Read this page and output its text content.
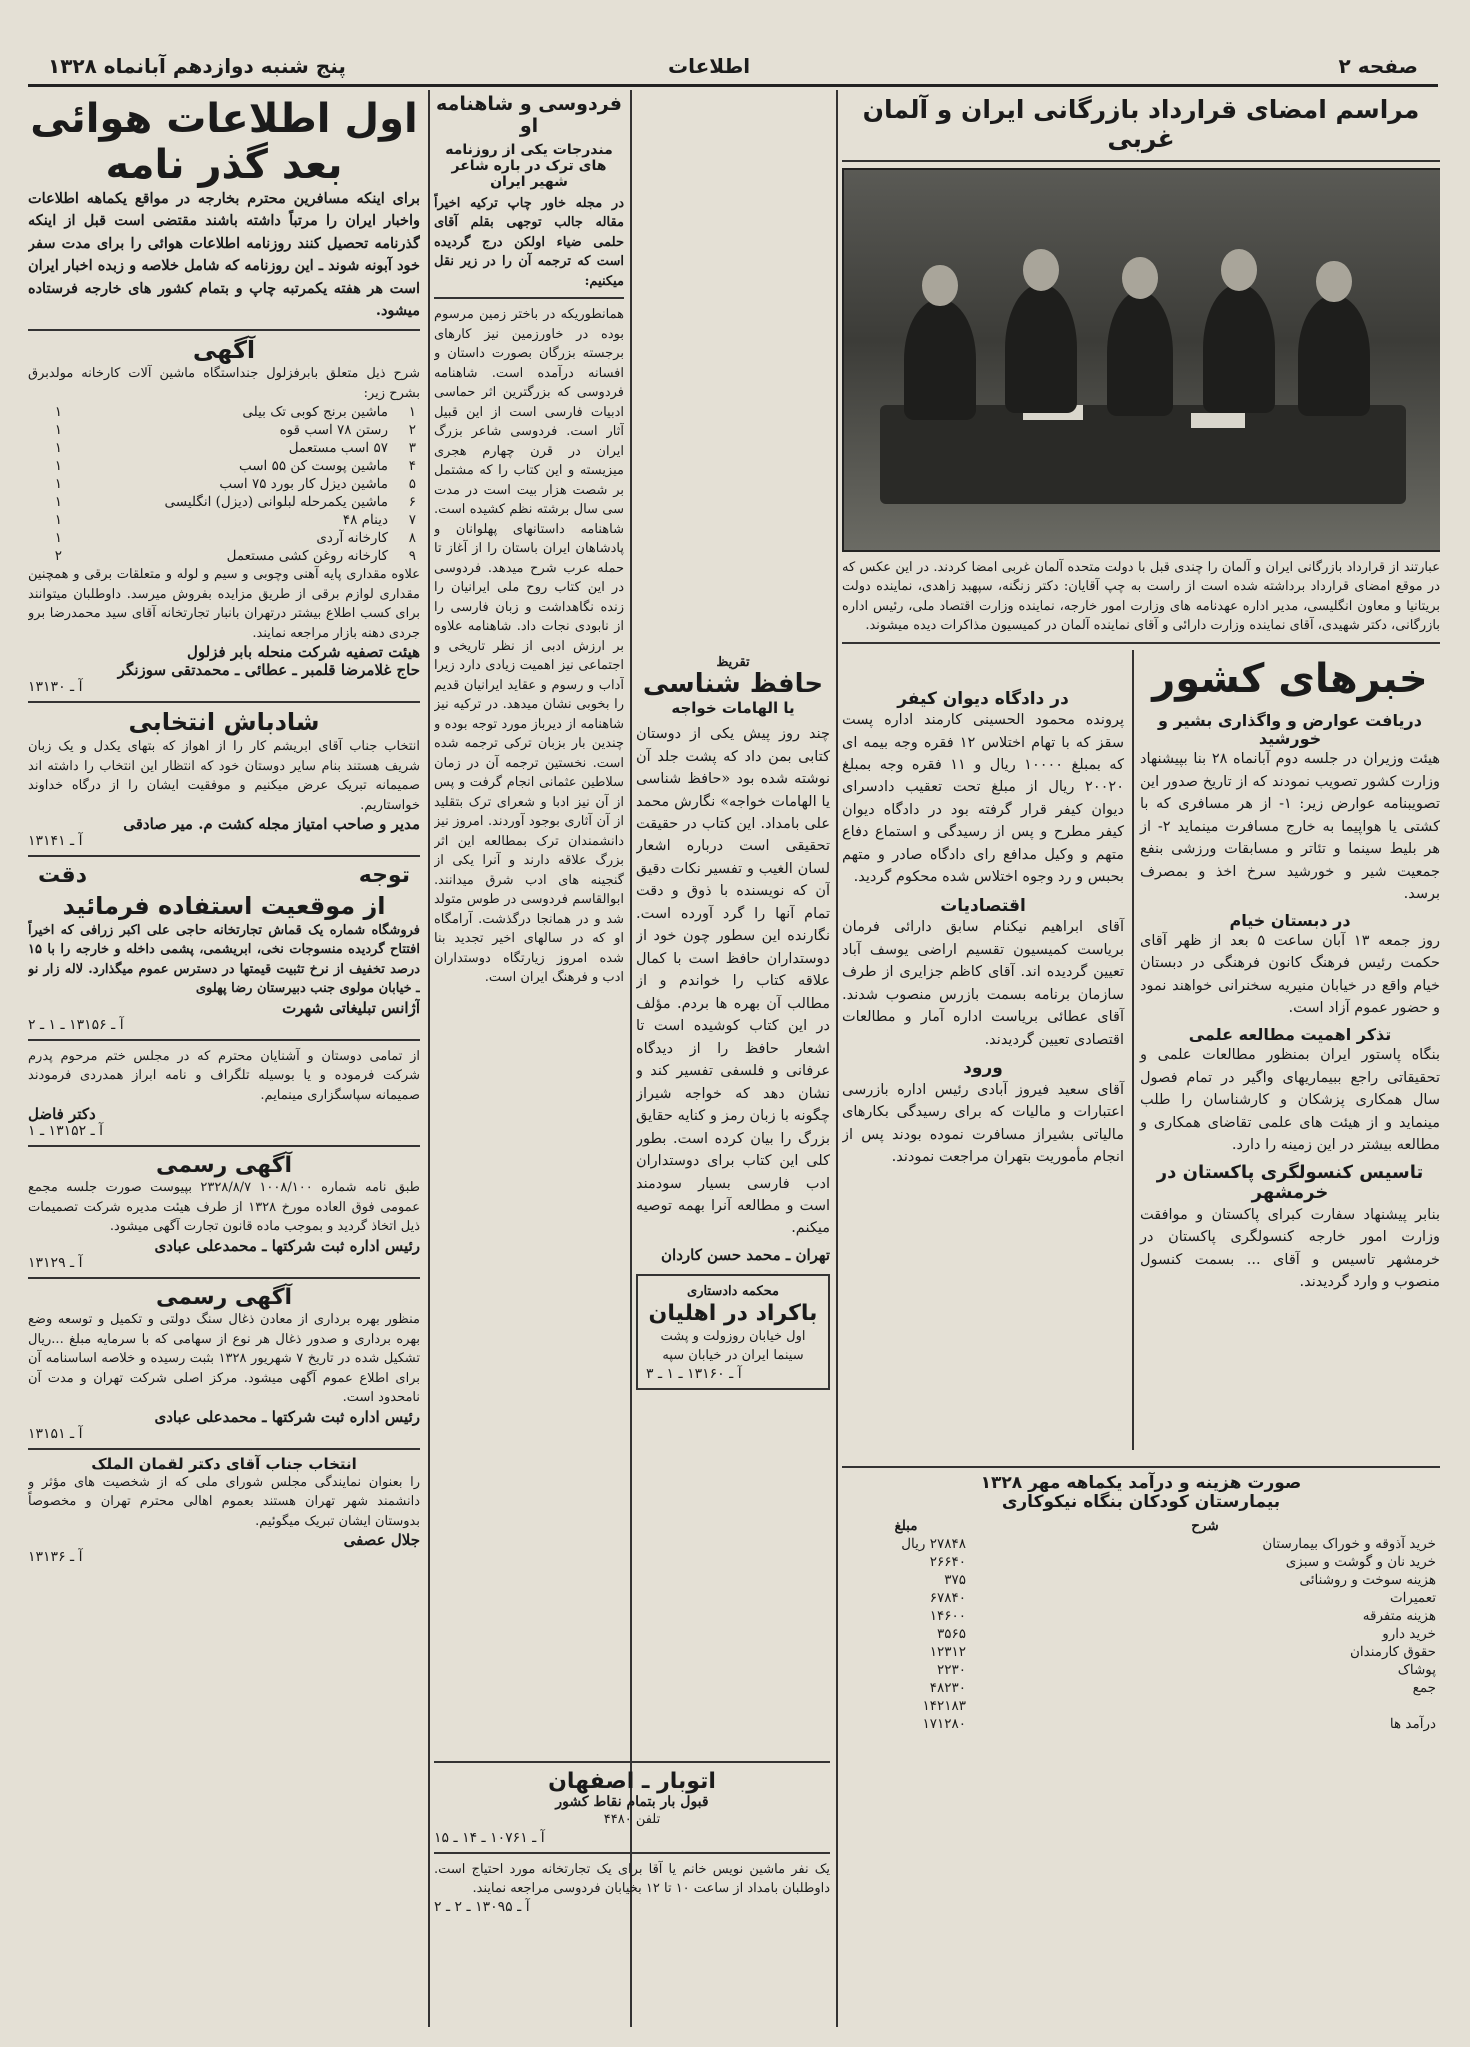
صفحه ۲
اطلاعات
پنج شنبه دوازدهم آبانماه ۱۳۲۸
مراسم امضای قرارداد بازرگانی ایران و آلمان غربی
عبارتند از قرارداد بازرگانی ایران و آلمان را چندی قبل با دولت متحده آلمان غربی امضا کردند. در این عکس که در موقع امضای قرارداد برداشته شده است از راست به چپ آقایان: دکتر زنگنه، سپهبد زاهدی، نماینده دولت بریتانیا و معاون انگلیسی، مدیر اداره عهدنامه های وزارت امور خارجه، نماینده وزارت اقتصاد ملی، رئیس اداره بازرگانی، دکتر شهیدی، آقای نماینده وزارت دارائی و آقای نماینده آلمان در کمیسیون مذاکرات دیده میشوند.
خبرهای کشور
دریافت عوارض و واگذاری بشیر و خورشید
هیئت وزیران در جلسه دوم آبانماه ۲۸ بنا بپیشنهاد وزارت کشور تصویب نمودند که از تاریخ صدور این تصویبنامه عوارض زیر: ۱- از هر مسافری که با کشتی یا هواپیما به خارج مسافرت مینماید ۲- از هر بلیط سینما و تئاتر و مسابقات ورزشی بنفع جمعیت شیر و خورشید سرخ اخذ و بمصرف برسد.
در دبستان خیام
روز جمعه ۱۳ آبان ساعت ۵ بعد از ظهر آقای حکمت رئیس فرهنگ کانون فرهنگی در دبستان خیام واقع در خیابان منیریه سخنرانی خواهند نمود و حضور عموم آزاد است.
تذکر اهمیت مطالعه علمی
بنگاه پاستور ایران بمنظور مطالعات علمی و تحقیقاتی راجع ببیماریهای واگیر در تمام فصول سال همکاری پزشکان و کارشناسان را طلب مینماید و از هیئت های علمی تقاضای همکاری و مطالعه بیشتر در این زمینه را دارد.
تاسیس کنسولگری پاکستان در خرمشهر
بنابر پیشنهاد سفارت کبرای پاکستان و موافقت وزارت امور خارجه کنسولگری پاکستان در خرمشهر تاسیس و آقای ... بسمت کنسول منصوب و وارد گردیدند.
در دادگاه دیوان کیفر
پرونده محمود الحسینی کارمند اداره پست سقز که با تهام اختلاس ۱۲ فقره وجه بیمه ای که بمبلغ ۱۰۰۰۰ ریال و ۱۱ فقره وجه بمبلغ ۲۰۰۲۰ ریال از مبلغ تحت تعقیب دادسرای دیوان کیفر قرار گرفته بود در دادگاه دیوان کیفر مطرح و پس از رسیدگی و استماع دفاع متهم و وکیل مدافع رای دادگاه صادر و متهم بحبس و رد وجوه اختلاس شده محکوم گردید.
اقتصادیات
آقای ابراهیم نیکنام سابق دارائی فرمان بریاست کمیسیون تقسیم اراضی یوسف آباد تعیین گردیده اند. آقای کاظم جزایری از طرف سازمان برنامه بسمت بازرس منصوب شدند. آقای عطائی بریاست اداره آمار و مطالعات اقتصادی تعیین گردیدند.
ورود
آقای سعید فیروز آبادی رئیس اداره بازرسی اعتبارات و مالیات که برای رسیدگی بکارهای مالیاتی بشیراز مسافرت نموده بودند پس از انجام مأموریت بتهران مراجعت نمودند.
صورت هزینه و درآمد یکماهه مهر ۱۳۲۸
بیمارستان کودکان بنگاه نیکوکاری
شرح	مبلغ
خرید آذوقه و خوراک بیمارستان	۲۷۸۴۸ ریال
خرید نان و گوشت و سبزی	۲۶۶۴۰
هزینه سوخت و روشنائی	۳۷۵
تعمیرات	۶۷۸۴۰
هزینه متفرقه	۱۴۶۰۰
خرید دارو	۳۵۶۵
حقوق کارمندان	۱۲۳۱۲
پوشاک	۲۲۳۰
جمع	۴۸۲۳۰
	۱۴۲۱۸۳
درآمد ها	۱۷۱۲۸۰
تقریظ
حافظ شناسی
یا الهامات خواجه
چند روز پیش یکی از دوستان کتابی بمن داد که پشت جلد آن نوشته شده بود «حافظ شناسی یا الهامات خواجه» نگارش محمد علی بامداد. این کتاب در حقیقت تحقیقی است درباره اشعار لسان الغیب و تفسیر نکات دقیق آن که نویسنده با ذوق و دقت تمام آنها را گرد آورده است. نگارنده این سطور چون خود از دوستداران حافظ است با کمال علاقه کتاب را خواندم و از مطالب آن بهره ها بردم. مؤلف در این کتاب کوشیده است تا اشعار حافظ را از دیدگاه عرفانی و فلسفی تفسیر کند و نشان دهد که خواجه شیراز چگونه با زبان رمز و کنایه حقایق بزرگ را بیان کرده است. بطور کلی این کتاب برای دوستداران ادب فارسی بسیار سودمند است و مطالعه آنرا بهمه توصیه میکنم.
تهران ـ محمد حسن کاردان
محکمه دادستاری
باکراد در اهلیان
اول خیابان روزولت و پشت سینما ایران در خیابان سپه
آ ـ ۱۳۱۶۰ ـ ۱ ـ ۳
فردوسی و شاهنامه او
مندرجات یکی از روزنامه های ترک در باره شاعر شهیر ایران
در مجله خاور چاپ ترکیه اخیراً مقاله جالب توجهی بقلم آقای حلمی ضیاء اولکن درج گردیده است که ترجمه آن را در زیر نقل میکنیم:
همانطوریکه در باختر زمین مرسوم بوده در خاورزمین نیز کارهای برجسته بزرگان بصورت داستان و افسانه درآمده است. شاهنامه فردوسی که بزرگترین اثر حماسی ادبیات فارسی است از این قبیل آثار است. فردوسی شاعر بزرگ ایران در قرن چهارم هجری میزیسته و این کتاب را که مشتمل بر شصت هزار بیت است در مدت سی سال برشته نظم کشیده است. شاهنامه داستانهای پهلوانان و پادشاهان ایران باستان را از آغاز تا حمله عرب شرح میدهد. فردوسی در این کتاب روح ملی ایرانیان را زنده نگاهداشت و زبان فارسی را از نابودی نجات داد. شاهنامه علاوه بر ارزش ادبی از نظر تاریخی و اجتماعی نیز اهمیت زیادی دارد زیرا آداب و رسوم و عقاید ایرانیان قدیم را بخوبی نشان میدهد. در ترکیه نیز شاهنامه از دیرباز مورد توجه بوده و چندین بار بزبان ترکی ترجمه شده است. نخستین ترجمه آن در زمان سلاطین عثمانی انجام گرفت و پس از آن نیز ادبا و شعرای ترک بتقلید از آن آثاری بوجود آوردند. امروز نیز دانشمندان ترک بمطالعه این اثر بزرگ علاقه دارند و آنرا یکی از گنجینه های ادب شرق میدانند. ابوالقاسم فردوسی در طوس متولد شد و در همانجا درگذشت. آرامگاه او که در سالهای اخیر تجدید بنا شده امروز زیارتگاه دوستداران ادب و فرهنگ ایران است.
اتوبار ـ اصفهان
قبول بار بتمام نقاط کشور
تلفن ۴۴۸۰
آ ـ ۱۰۷۶۱ ـ ۱۴ ـ ۱۵
یک نفر ماشین نویس خانم یا آقا برای یک تجارتخانه مورد احتیاج است. داوطلبان بامداد از ساعت ۱۰ تا ۱۲ بخیابان فردوسی مراجعه نمایند.
آ ـ ۱۳۰۹۵ ـ ۲ ـ ۲
اول اطلاعات هوائی
بعد گذر نامه
برای اینکه مسافرین محترم بخارجه در مواقع یکماهه اطلاعات واخبار ایران را مرتباً داشته باشند مقتضی است قبل از اینکه گذرنامه تحصیل کنند روزنامه اطلاعات هوائی را برای مدت سفر خود آبونه شوند ـ این روزنامه که شامل خلاصه و زبده اخبار ایران است هر هفته یکمرتبه چاپ و بتمام کشور های خارجه فرستاده میشود.
آگهی
شرح ذیل متعلق بابرفزلول جنداستگاه ماشین آلات کارخانه مولدبرق بشرح زیر:
۱	ماشین برنج کوبی تک بیلی	۱
۲	رستن ۷۸ اسب قوه	۱
۳	۵۷ اسب مستعمل	۱
۴	ماشین پوست کن ۵۵ اسب	۱
۵	ماشین دیزل کار بورد ۷۵ اسب	۱
۶	ماشین یکمرحله لبلوانی (دیزل) انگلیسی	۱
۷	دینام ۴۸	۱
۸	کارخانه آردی	۱
۹	کارخانه روغن کشی مستعمل	۲
علاوه مقداری پایه آهنی وچوبی و سیم و لوله و متعلقات برقی و همچنین مقداری لوازم برقی از طریق مزایده بفروش میرسد. داوطلبان میتوانند برای کسب اطلاع بیشتر درتهران بانبار تجارتخانه آقای سید محمدرضا برو جردی دهنه بازار مراجعه نمایند.
هیئت تصفیه شرکت منحله بابر فزلول
حاج غلامرضا قلمبر ـ عطائی ـ محمدتقی سوزنگر
آ ـ ۱۳۱۳۰
شادباش انتخابی
انتخاب جناب آقای ابریشم کار را از اهواز که بتهای یکدل و یک زبان شریف هستند بنام سایر دوستان خود که انتظار این انتخاب را داشته اند صمیمانه تبریک عرض میکنیم و موفقیت ایشان را از درگاه خداوند خواستاریم.
مدیر و صاحب امتیاز مجله کشت م. میر صادقی
آ ـ ۱۳۱۴۱
توجه
دقت
از موقعیت استفاده فرمائید
فروشگاه شماره یک قماش تجارتخانه حاجی علی اکبر زرافی که اخیراً افتتاح گردیده منسوجات نخی، ابریشمی، پشمی داخله و خارجه را با ۱۵ درصد تخفیف از نرخ تثبیت قیمتها در دسترس عموم میگذارد. لاله زار نو ـ خیابان مولوی جنب دبیرستان رضا پهلوی
آژانس تبلیغاتی شهرت
آ ـ ۱۳۱۵۶ ـ ۱ ـ ۲
از تمامی دوستان و آشنایان محترم که در مجلس ختم مرحوم پدرم شرکت فرموده و یا بوسیله تلگراف و نامه ابراز همدردی فرمودند صمیمانه سپاسگزاری مینمایم.
دکتر فاضل
آ ـ ۱۳۱۵۲ ـ ۱
آگهی رسمی
طبق نامه شماره ۱۰۰۸/۱۰۰ ۲۳۲۸/۸/۷ بپیوست صورت جلسه مجمع عمومی فوق العاده مورخ ۱۳۲۸ از طرف هیئت مدیره شرکت تصمیمات ذیل اتخاذ گردید و بموجب ماده قانون تجارت آگهی میشود.
رئیس اداره ثبت شرکتها ـ محمدعلی عبادی
آ ـ ۱۳۱۲۹
آگهی رسمی
منظور بهره برداری از معادن ذغال سنگ دولتی و تکمیل و توسعه وضع بهره برداری و صدور ذغال هر نوع از سهامی که با سرمایه مبلغ ...ریال تشکیل شده در تاریخ ۷ شهریور ۱۳۲۸ بثبت رسیده و خلاصه اساسنامه آن برای اطلاع عموم آگهی میشود. مرکز اصلی شرکت تهران و مدت آن نامحدود است.
رئیس اداره ثبت شرکتها ـ محمدعلی عبادی
آ ـ ۱۳۱۵۱
انتخاب جناب آقای دکتر لقمان الملک
را بعنوان نمایندگی مجلس شورای ملی که از شخصیت های مؤثر و دانشمند شهر تهران هستند بعموم اهالی محترم تهران و مخصوصاً بدوستان ایشان تبریک میگوئیم.
جلال عصفی
آ ـ ۱۳۱۳۶
